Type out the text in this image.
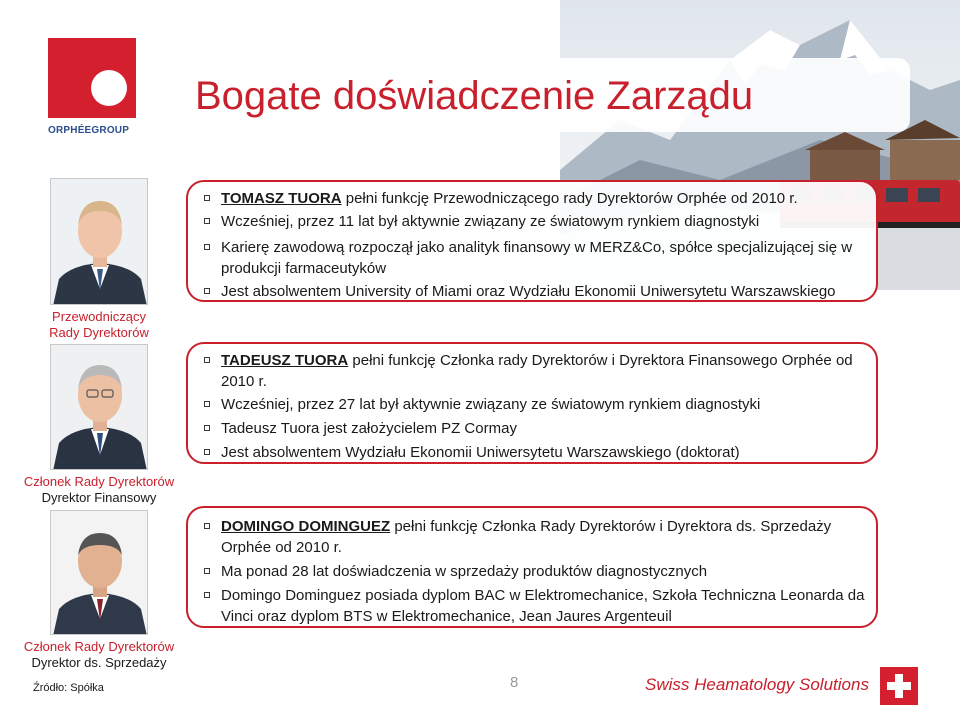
ORPHÉEGROUP
Bogate doświadczenie Zarządu
Przewodniczący
Rady Dyrektorów
TOMASZ TUORA pełni funkcję Przewodniczącego rady Dyrektorów Orphée od 2010 r.
Wcześniej, przez 11 lat był aktywnie związany ze światowym rynkiem diagnostyki
Karierę zawodową rozpoczął jako analityk finansowy w MERZ&Co, spółce specjalizującej się w produkcji farmaceutyków
Jest absolwentem University of Miami oraz Wydziału Ekonomii Uniwersytetu Warszawskiego
Członek Rady Dyrektorów
Dyrektor Finansowy
TADEUSZ TUORA pełni funkcję Członka rady Dyrektorów i Dyrektora Finansowego Orphée od 2010 r.
Wcześniej, przez 27 lat był aktywnie związany ze światowym rynkiem diagnostyki
Tadeusz Tuora jest założycielem PZ Cormay
Jest absolwentem Wydziału Ekonomii Uniwersytetu Warszawskiego (doktorat)
Członek Rady Dyrektorów
Dyrektor ds. Sprzedaży
DOMINGO DOMINGUEZ pełni funkcję Członka Rady Dyrektorów i Dyrektora ds. Sprzedaży Orphée od 2010 r.
Ma ponad 28 lat doświadczenia w sprzedaży produktów diagnostycznych
Domingo Dominguez posiada dyplom BAC w Elektromechanice, Szkoła Techniczna Leonarda da Vinci oraz dyplom BTS w Elektromechanice, Jean Jaures Argenteuil
Źródło: Spółka	8	Swiss Heamatology Solutions
